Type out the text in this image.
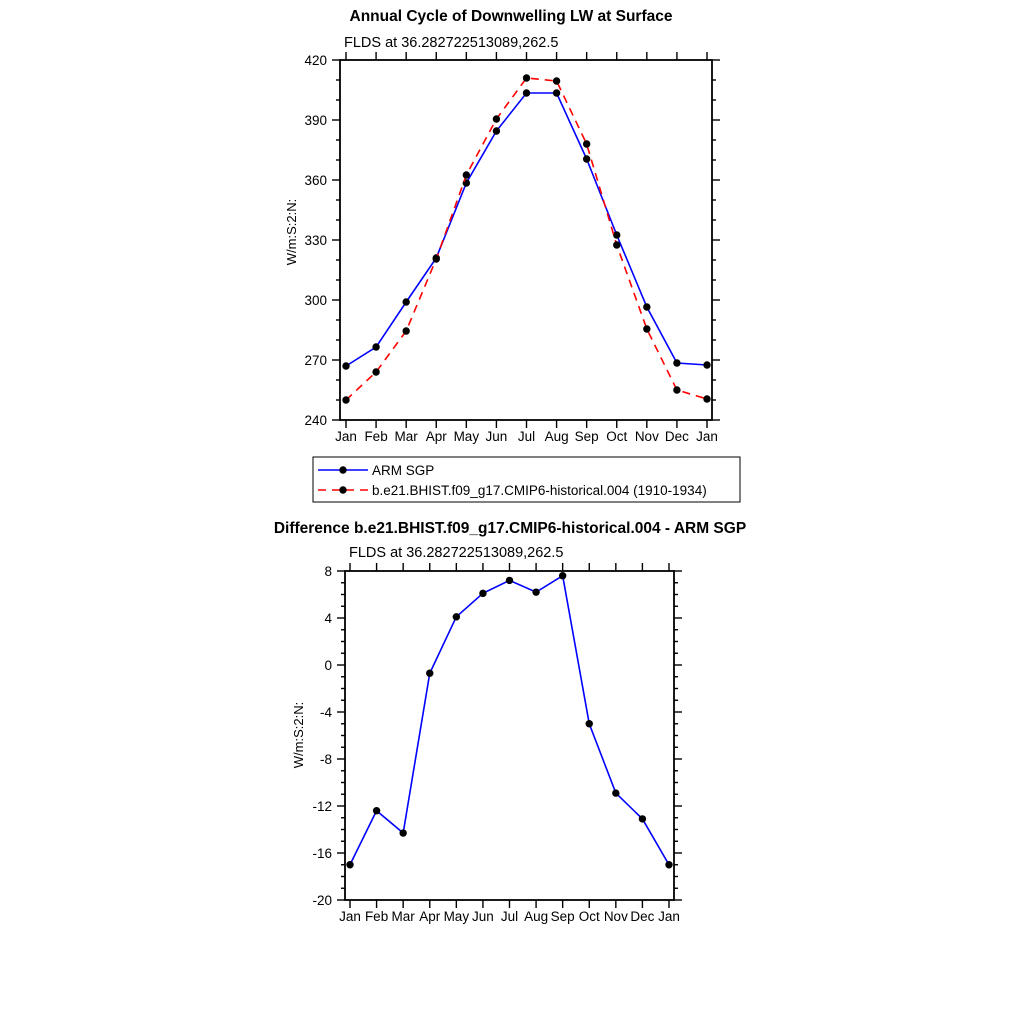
Annual Cycle of Downwelling LW at Surface
FLDS at 36.282722513089,262.5
W/m:S:2:N:
Jan Feb Mar Apr May Jun Jul Aug Sep Oct Nov Dec Jan
240
270
300
330
360
390
420
ARM SGP
b.e21.BHIST.f09_g17.CMIP6-historical.004 (1910-1934)
Difference b.e21.BHIST.f09_g17.CMIP6-historical.004 - ARM SGP
FLDS at 36.282722513089,262.5
W/m:S:2:N:
Jan Feb Mar Apr May Jun Jul Aug Sep Oct Nov Dec Jan
-20
-16
-12
-8
-4
0
4
8
